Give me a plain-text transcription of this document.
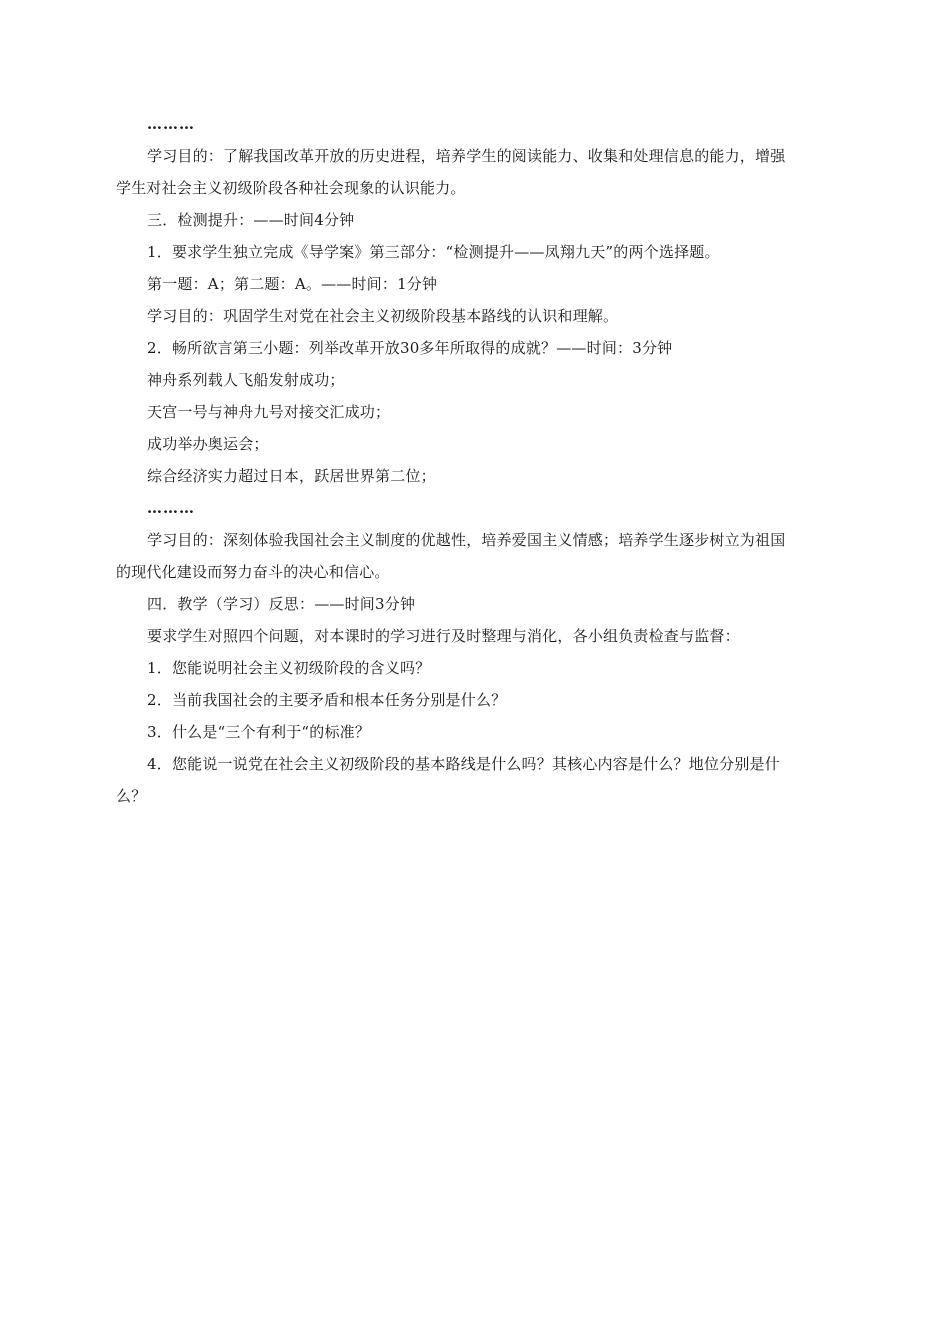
………
学习目的：了解我国改革开放的历史进程，培养学生的阅读能力、收集和处理信息的能力，增强
学生对社会主义初级阶段各种社会现象的认识能力。
三．检测提升：——时间4分钟
1．要求学生独立完成《导学案》第三部分：“检测提升——凤翔九天”的两个选择题。
第一题：A；第二题：A。——时间：1分钟
学习目的：巩固学生对党在社会主义初级阶段基本路线的认识和理解。
2．畅所欲言第三小题：列举改革开放30多年所取得的成就？——时间：3分钟
神舟系列载人飞船发射成功；
天宫一号与神舟九号对接交汇成功；
成功举办奥运会；
综合经济实力超过日本，跃居世界第二位；
………
学习目的：深刻体验我国社会主义制度的优越性，培养爱国主义情感；培养学生逐步树立为祖国
的现代化建设而努力奋斗的决心和信心。
四．教学（学习）反思：——时间3分钟
要求学生对照四个问题，对本课时的学习进行及时整理与消化，各小组负责检查与监督：
1．您能说明社会主义初级阶段的含义吗？
2．当前我国社会的主要矛盾和根本任务分别是什么？
3．什么是“三个有利于“的标准？
4．您能说一说党在社会主义初级阶段的基本路线是什么吗？其核心内容是什么？地位分别是什
么？
